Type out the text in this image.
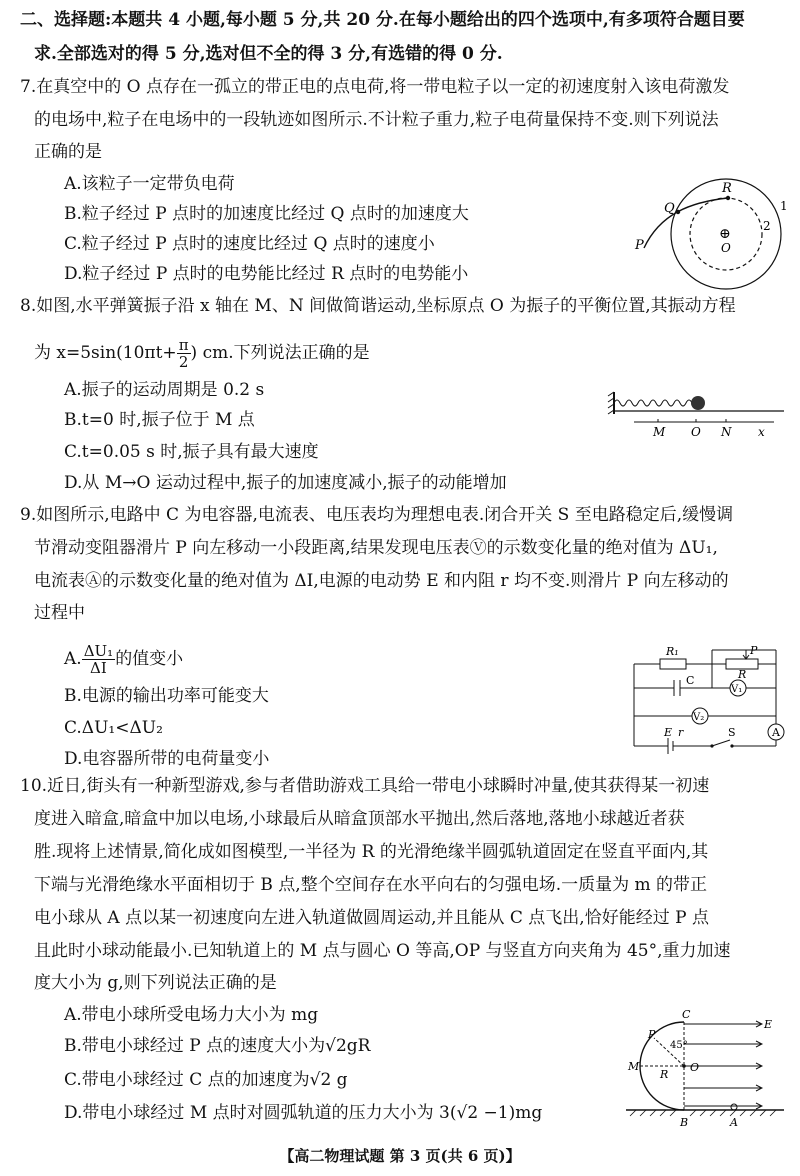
二、选择题:本题共 4 小题,每小题 5 分,共 20 分.在每小题给出的四个选项中,有多项符合题目要
求.全部选对的得 5 分,选对但不全的得 3 分,有选错的得 0 分.
7.在真空中的 O 点存在一孤立的带正电的点电荷,将一带电粒子以一定的初速度射入该电荷激发
的电场中,粒子在电场中的一段轨迹如图所示.不计粒子重力,粒子电荷量保持不变.则下列说法
正确的是
A.该粒子一定带负电荷
B.粒子经过 P 点时的加速度比经过 Q 点时的加速度大
C.粒子经过 P 点时的速度比经过 Q 点时的速度小
D.粒子经过 P 点时的电势能比经过 R 点时的电势能小
R
Q
P
⊕
O
1
2
8.如图,水平弹簧振子沿 x 轴在 M、N 间做简谐运动,坐标原点 O 为振子的平衡位置,其振动方程
为 $x=5\sin(10\pi t+ \frac{\pi}{2}$ ) cm.下列说法正确的是
A.振子的运动周期是 0.2 s
B.t=0 时,振子位于 M 点
C.t=0.05 s 时,振子具有最大速度
D.从 M→O 运动过程中,振子的加速度减小,振子的动能增加
M O N x
9.如图所示,电路中 C 为电容器,电流表、电压表均为理想电表.闭合开关 S 至电路稳定后,缓慢调
节滑动变阻器滑片 P 向左移动一小段距离,结果发现电压表Ⓥ的示数变化量的绝对值为 ΔU₁,
电流表Ⓐ的示数变化量的绝对值为 ΔI,电源的电动势 E 和内阻 r 均不变.则滑片 P 向左移动的
过程中
A. $\frac{\text{ΔU₁}}{\Delta I}$ 的值变小
B.电源的输出功率可能变大
C.ΔU₁<ΔU₂
D.电容器所带的电荷量变小
R₁
R
P
C
V₁
V₂
A
E r	S
10.近日,街头有一种新型游戏,参与者借助游戏工具给一带电小球瞬时冲量,使其获得某一初速
度进入暗盒,暗盒中加以电场,小球最后从暗盒顶部水平抛出,然后落地,落地小球越近者获
胜.现将上述情景,简化成如图模型,一半径为 R 的光滑绝缘半圆弧轨道固定在竖直平面内,其
下端与光滑绝缘水平面相切于 B 点,整个空间存在水平向右的匀强电场.一质量为 m 的带正
电小球从 A 点以某一初速度向左进入轨道做圆周运动,并且能从 C 点飞出,恰好能经过 P 点
且此时小球动能最小.已知轨道上的 M 点与圆心 O 等高,OP 与竖直方向夹角为 45°,重力加速
度大小为 g,则下列说法正确的是
A.带电小球所受电场力大小为 mg
B.带电小球经过 P 点的速度大小为√2gR
C.带电小球经过 C 点的加速度为√2 g
D.带电小球经过 M 点时对圆弧轨道的压力大小为 3(√2 −1)mg
C
E
P
45°
M
R
O
B	A
【高二物理试题 第 3 页(共 6 页)】
